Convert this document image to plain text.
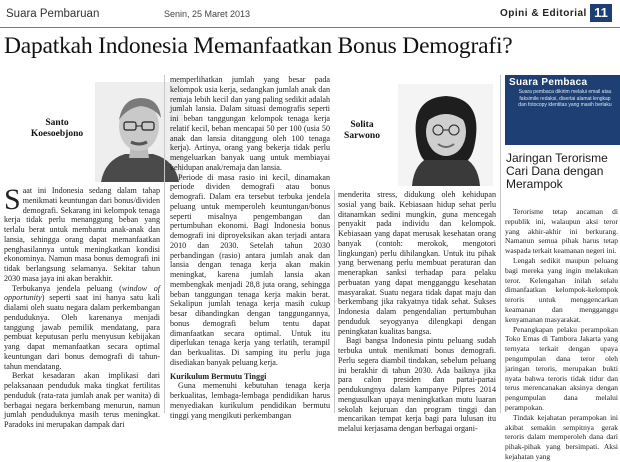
Suara Pembaruan	Senin, 25 Maret 2013	Opini & Editorial 11
Dapatkah Indonesia Memanfaatkan Bonus Demografi?
Santo
Koesoebjono
Solita
Sarwono

Saat ini Indonesia sedang dalam tahap menikmati keuntungan dari bonus/dividen demografi. Sekarang ini kelompok tenaga kerja tidak perlu menanggung beban yang terlalu berat untuk membantu anak-anak dan lansia, sehingga orang dapat memanfaatkan penghasilannya untuk meningkatkan kondisi ekonominya. Namun masa bonus demografi ini tidak berlangsung selamanya. Sekitar tahun 2030 masa jaya ini akan berakhir.

Terbukanya jendela peluang (window of opportunity) seperti saat ini hanya satu kali dialami oleh suatu negara dalam perkembangan penduduknya. Oleh karenanya menjadi tanggung jawab pemilik mendatang, para pembuat keputusan perlu menyusun kebijakan yang dapat memanfaatkan secara optimal keuntungan dari bonus demografi di tahun-tahun mendatang.

Berkat kesadaran akan implikasi dari pelaksanaan penduduk maka tingkat fertilitas penduduk (rata-rata jumlah anak per wanita) di berbagai negara berkembang menurun, namun jumlah penduduknya masih terus meningkat. Paradoks ini merupakan dampak dari

memperlihatkan jumlah yang besar pada kelompok usia kerja, sedangkan jumlah anak dan remaja lebih kecil dan yang paling sedikit adalah jumlah lansia. Dalam situasi demografis seperti ini beban tanggungan kelompok tenaga kerja relatif kecil, beban mencapai 50 per 100 (usia 50 anak dan lansia ditanggung oleh 100 tenaga kerja). Artinya, orang yang bekerja tidak perlu mengeluarkan banyak uang untuk membiayai kehidupan anak/remaja dan lansia.

Periode di masa rasio ini kecil, dinamakan periode dividen demografi atau bonus demografi. Dalam era tersebut terbuka jendela peluang untuk memperoleh keuntungan/bonus seperti misalnya pengembangan dan pertumbuhan ekonomi. Bagi Indonesia bonus demografi ini diproyeksikan akan terjadi antara 2010 dan 2030. Setelah tahun 2030 perbandingan (rasio) antara jumlah anak dan lansia dengan tenaga kerja akan makin meningkat, karena jumlah lansia akan membengkak menjadi 28,8 juta orang, sehingga beban tanggungan tenaga kerja makin berat. Sekalipun jumlah tenaga kerja masih cukup besar dibandingkan dengan tanggungannya, bonus demografi belum tentu dapat dimanfaatkan secara optimal. Untuk itu diperlukan tenaga kerja yang terlatih, terampil dan berkualitas. Di samping itu perlu juga disediakan banyak peluang kerja.

Kurikulum Bermutu Tinggi

Guna memenuhi kebutuhan tenaga kerja berkualitas, lembaga-lembaga pendidikan harus menyediakan kurikulum pendidikan bermutu tinggi yang mengikuti perkembangan

menderita stress, didukung oleh kehidupan sosial yang baik. Kebiasaan hidup sehat perlu ditanamkan sedini mungkin, guna mencegah penyakit pada individu dan kelompok. Kebiasaan yang dapat merusak kesehatan orang banyak (contoh: merokok, mengotori lingkungan) perlu dihilangkan. Untuk itu pihak yang berwenang perlu membuat peraturan dan menerapkan sanksi terhadap para pelaku perbuatan yang dapat mengganggu kesehatan masyarakat. Suatu negara tidak dapat maju dan berkembang jika rakyatnya tidak sehat. Sukses Indonesia dalam pengendalian pertumbuhan penduduk seyogyanya dilengkapi dengan peningkatan kualitas bangsa.

Bagi bangsa Indonesia pintu peluang sudah terbuka untuk menikmati bonus demografi. Perlu segera diambil tindakan, sebelum peluang ini berakhir di tahun 2030. Ada baiknya jika para calon presiden dan partai-partai pendukungnya dalam kampanye Pilpres 2014 mengusulkan upaya meningkatkan mutu luaran sekolah kejuruan dan program tinggi dan mencarikan tempat kerja bagi para lulusan itu melalui kerjasama dengan berbagai organi-

Suara Pembaca
Suara pembaca dikirim melalui email atau faksimile redaksi, disertai alamat lengkap dan fotocopy identitas yang masih berlaku
Jaringan Terorisme Cari Dana dengan Merampok

Terorisme tetap ancaman di republik ini, walaupun aksi teror yang akhir-akhir ini berkurang. Namanun semua pihak harus tetap waspada terkait keamanan negeri ini.

Lengah sedikit maupun peluang bagi mereka yang ingin melakukan teror. Kelengahan inilah selalu dimanfaatkan kelompok-kelompok teroris untuk menggencarkan keamanan dan mengganggu kenyamanan masyarakat.

Penangkapan pelaku perampokan Toko Emas di Tambora Jakarta yang ternyata terkait dengan upaya pengumpulan dana teror oleh jaringan teroris, merupakan bukti nyata bahwa teroris tidak tidur dan terus merencanakan aksinya dengan pengumpulan dana melalui perampokan.

Tindak kejahatan perampokan ini akibat semakin sempitnya gerak teroris dalam memperoleh dana dari pihak-pihak yang bersimpati. Aksi kejahatan yang
